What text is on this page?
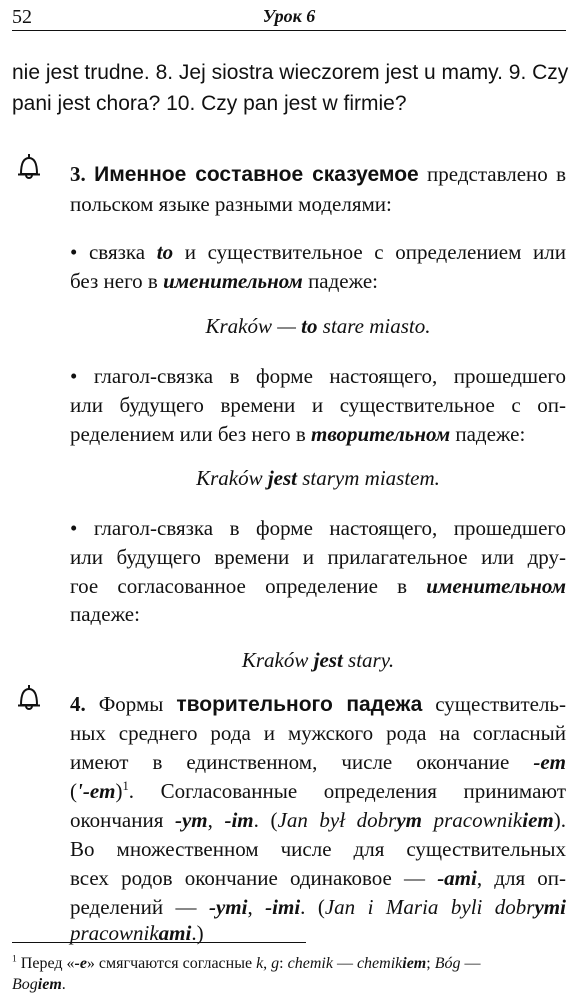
52	Урок 6
nie jest trudne. 8. Jej siostra wieczorem jest u mamy. 9. Czy
pani jest chora? 10. Czy pan jest w firmie?
3. Именное составное сказуемое представлено в
польском языке разными моделями:
• связка to и существительное с определением или
без него в именительном падеже:
Kraków — to stare miasto.
• глагол-связка в форме настоящего, прошедшего
или будущего времени и существительное с оп-
ределением или без него в творительном падеже:
Kraków jest starym miastem.
• глагол-связка в форме настоящего, прошедшего
или будущего времени и прилагательное или дру-
гое согласованное определение в именительном
падеже:
Kraków jest stary.
4. Формы творительного падежа существитель-
ных среднего рода и мужского рода на согласный
имеют в единственном, числе окончание -em
$('-em)^1$. Согласованные определения принимают
окончания -ym, -im. (Jan był dobrym pracownikiem).
Во множественном числе для существительных
всех родов окончание одинаковое — -ami, для оп-
ределений — -ymi, -imi. (Jan i Maria byli dobrymi
pracownikami.)
$^1$ Перед «-e» смягчаются согласные k, g: chemik — chemikiem; Bóg —
Bogiem.
